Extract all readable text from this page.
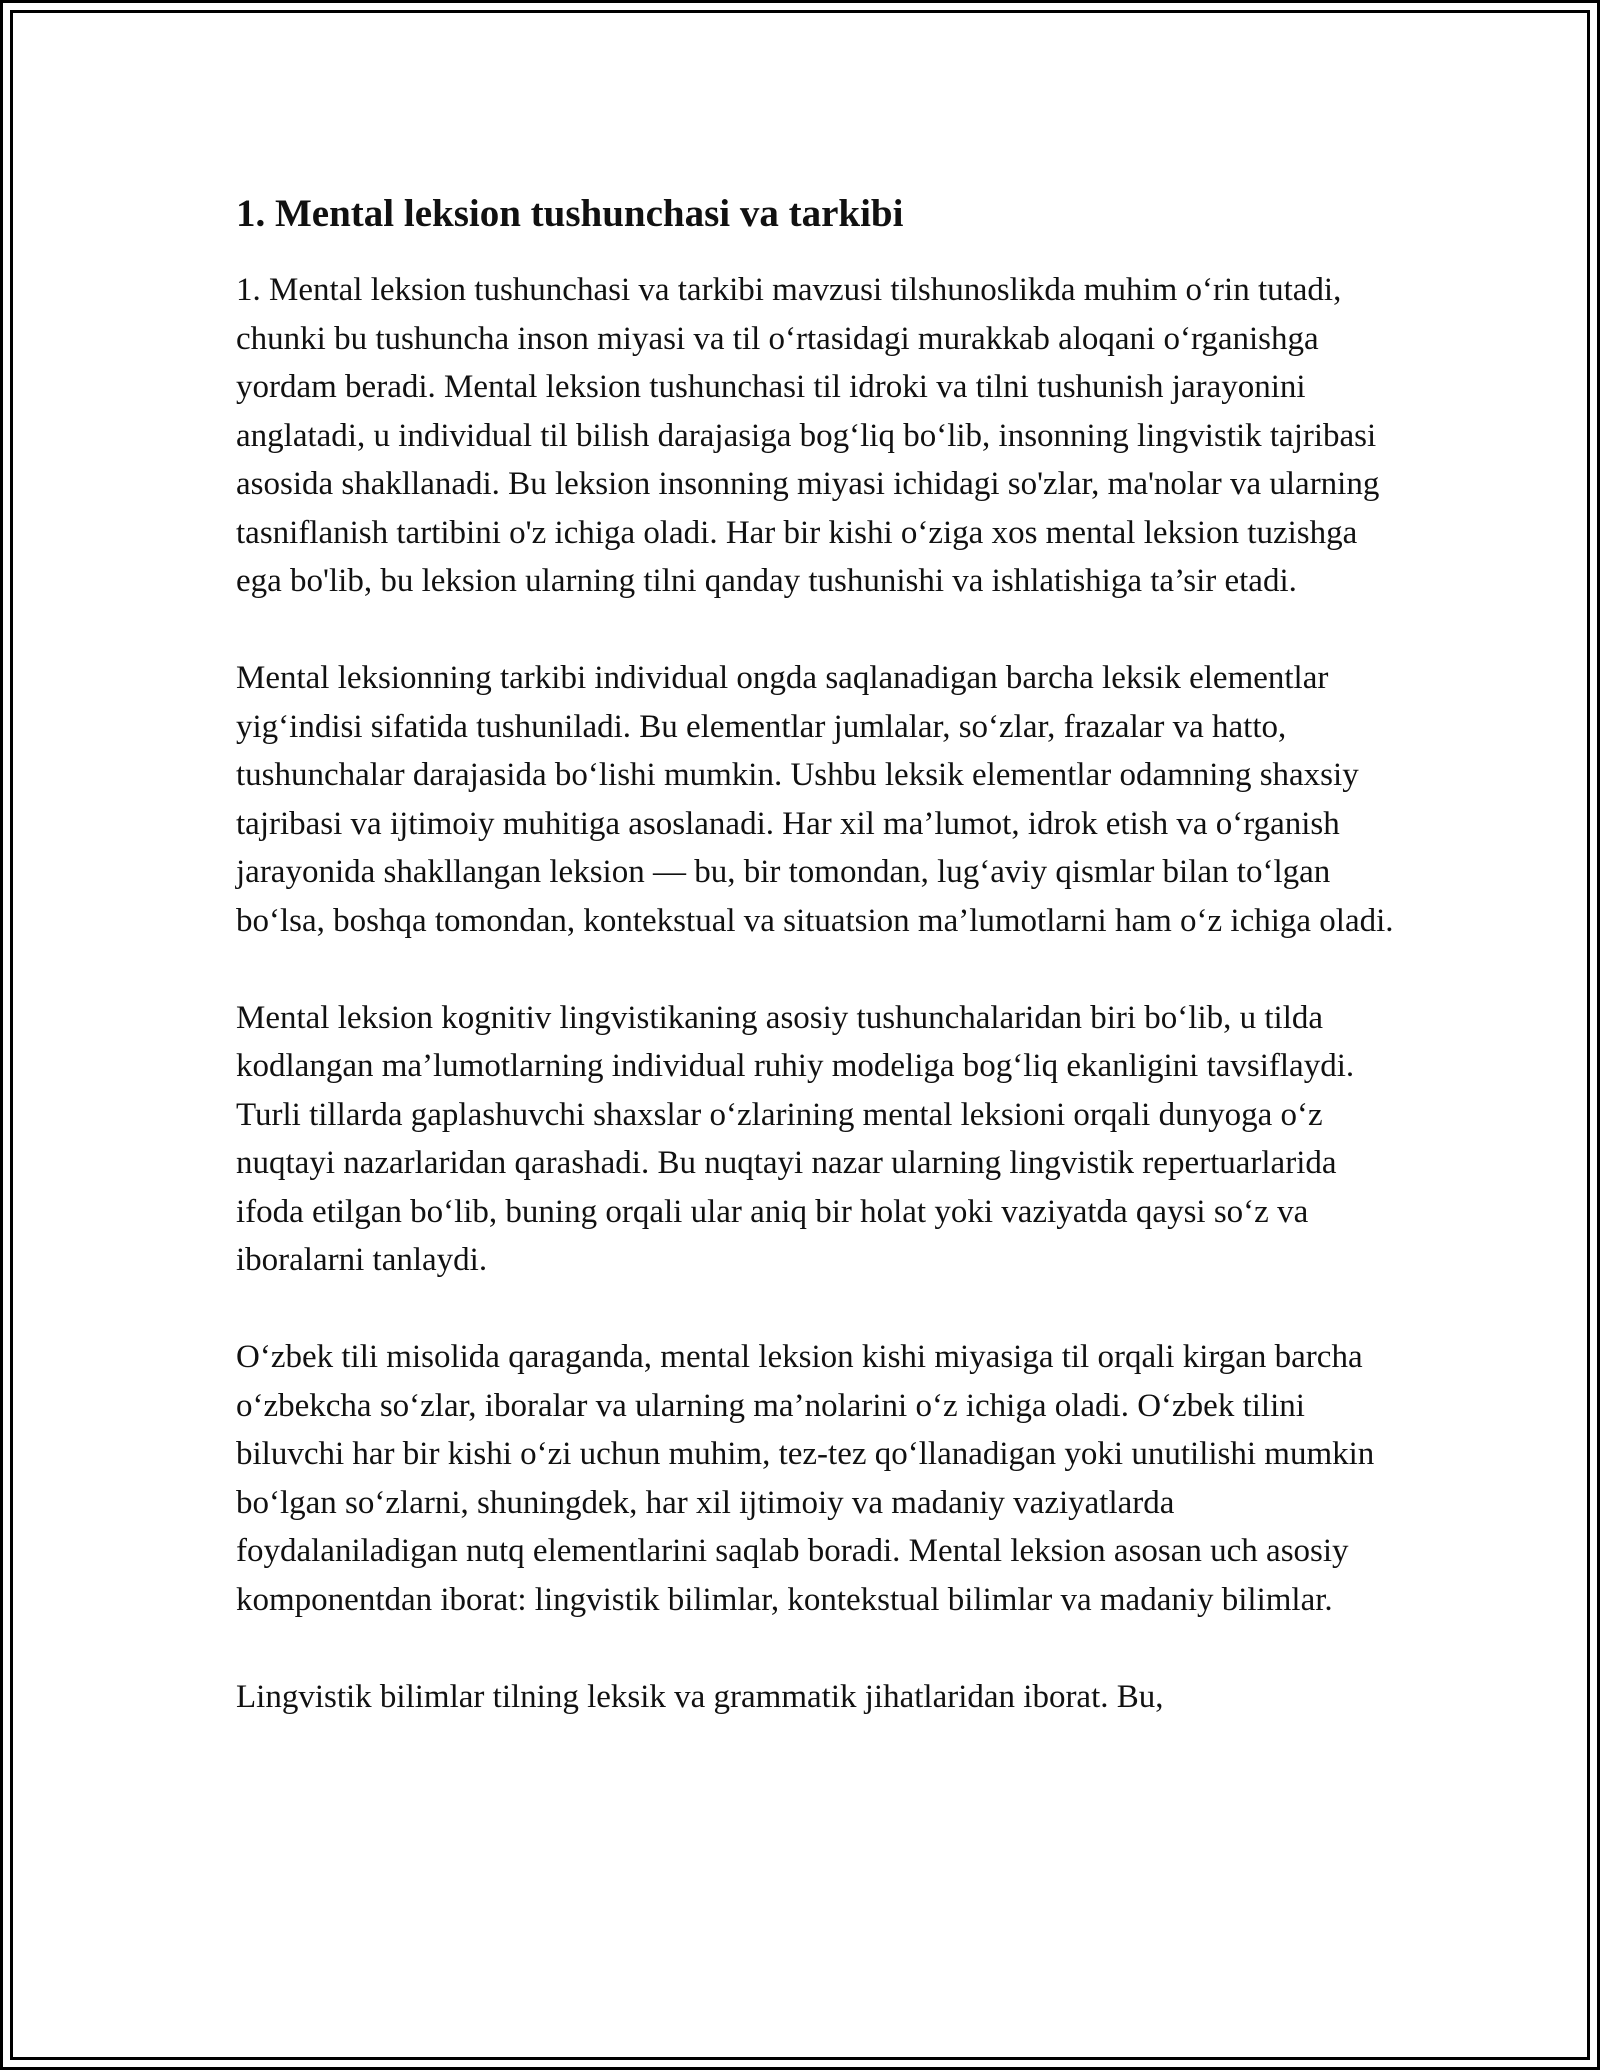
1. Mental leksion tushunchasi va tarkibi

1. Mental leksion tushunchasi va tarkibi mavzusi tilshunoslikda muhim o‘rin tutadi, chunki bu tushuncha inson miyasi va til o‘rtasidagi murakkab aloqani o‘rganishga yordam beradi. Mental leksion tushunchasi til idroki va tilni tushunish jarayonini anglatadi, u individual til bilish darajasiga bog‘liq bo‘lib, insonning lingvistik tajribasi asosida shakllanadi. Bu leksion insonning miyasi ichidagi so'zlar, ma'nolar va ularning tasniflanish tartibini o'z ichiga oladi. Har bir kishi o‘ziga xos mental leksion tuzishga ega bo'lib, bu leksion ularning tilni qanday tushunishi va ishlatishiga ta’sir etadi.

Mental leksionning tarkibi individual ongda saqlanadigan barcha leksik elementlar yig‘indisi sifatida tushuniladi. Bu elementlar jumlalar, so‘zlar, frazalar va hatto, tushunchalar darajasida bo‘lishi mumkin. Ushbu leksik elementlar odamning shaxsiy tajribasi va ijtimoiy muhitiga asoslanadi. Har xil ma’lumot, idrok etish va o‘rganish jarayonida shakllangan leksion — bu, bir tomondan, lug‘aviy qismlar bilan to‘lgan bo‘lsa, boshqa tomondan, kontekstual va situatsion ma’lumotlarni ham o‘z ichiga oladi.

Mental leksion kognitiv lingvistikaning asosiy tushunchalaridan biri bo‘lib, u tilda kodlangan ma’lumotlarning individual ruhiy modeliga bog‘liq ekanligini tavsiflaydi. Turli tillarda gaplashuvchi shaxslar o‘zlarining mental leksioni orqali dunyoga o‘z nuqtayi nazarlaridan qarashadi. Bu nuqtayi nazar ularning lingvistik repertuarlarida ifoda etilgan bo‘lib, buning orqali ular aniq bir holat yoki vaziyatda qaysi so‘z va iboralarni tanlaydi.

O‘zbek tili misolida qaraganda, mental leksion kishi miyasiga til orqali kirgan barcha o‘zbekcha so‘zlar, iboralar va ularning ma’nolarini o‘z ichiga oladi. O‘zbek tilini biluvchi har bir kishi o‘zi uchun muhim, tez-tez qo‘llanadigan yoki unutilishi mumkin bo‘lgan so‘zlarni, shuningdek, har xil ijtimoiy va madaniy vaziyatlarda foydalaniladigan nutq elementlarini saqlab boradi. Mental leksion asosan uch asosiy komponentdan iborat: lingvistik bilimlar, kontekstual bilimlar va madaniy bilimlar.

Lingvistik bilimlar tilning leksik va grammatik jihatlaridan iborat. Bu,
